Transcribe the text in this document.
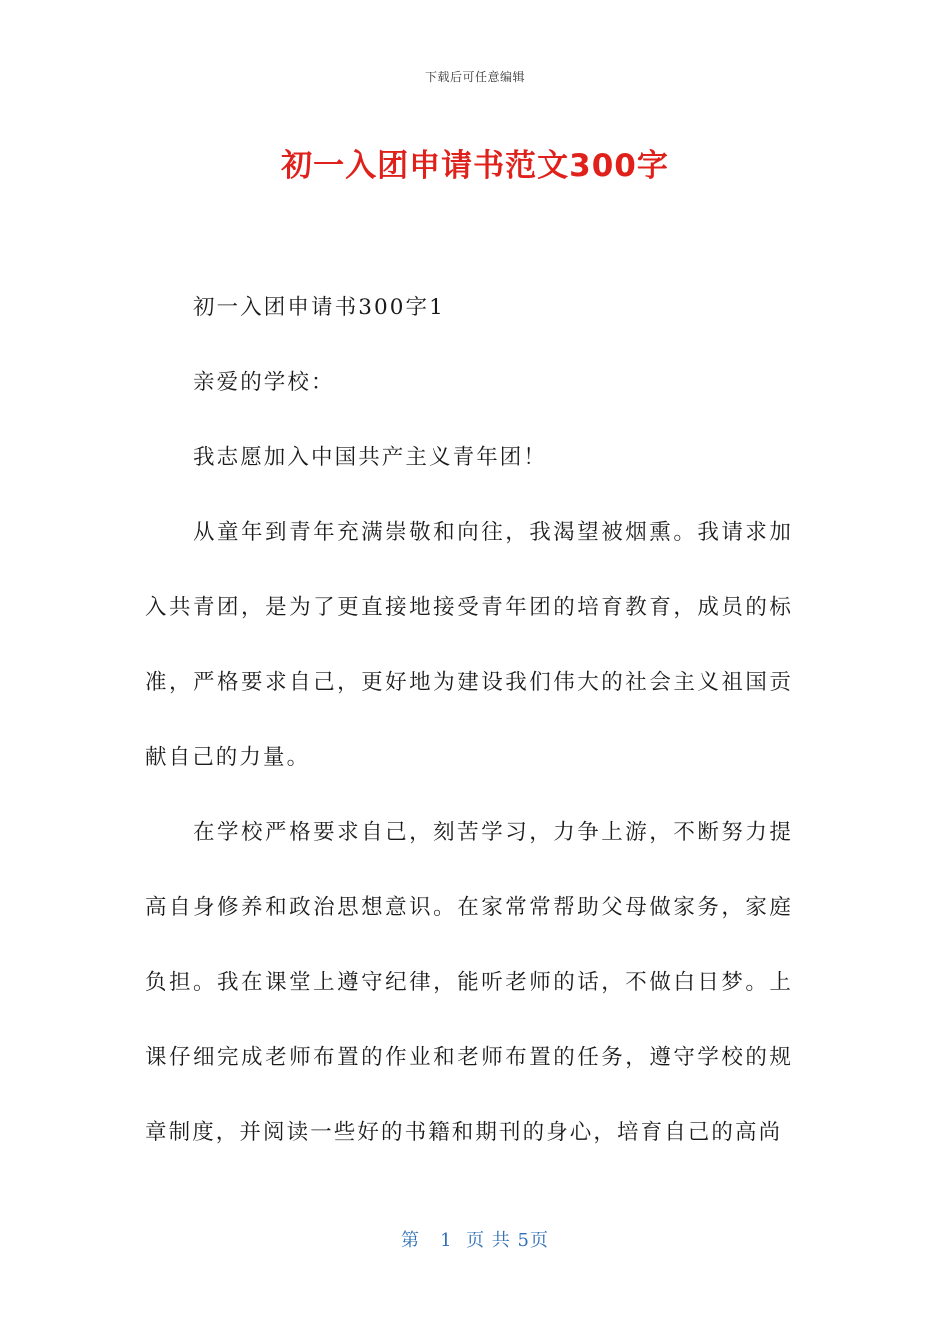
下载后可任意编辑
初一入团申请书范文300字

初一入团申请书300字1

亲爱的学校：

我志愿加入中国共产主义青年团！

从童年到青年充满崇敬和向往，我渴望被烟熏。我请求加入共青团，是为了更直接地接受青年团的培育教育，成员的标准，严格要求自己，更好地为建设我们伟大的社会主义祖国贡献自己的力量。

在学校严格要求自己，刻苦学习，力争上游，不断努力提高自身修养和政治思想意识。在家常常帮助父母做家务，家庭负担。我在课堂上遵守纪律，能听老师的话，不做白日梦。上课仔细完成老师布置的作业和老师布置的任务，遵守学校的规章制度，并阅读一些好的书籍和期刊的身心，培育自己的高尚

第 1 页 共 5页
